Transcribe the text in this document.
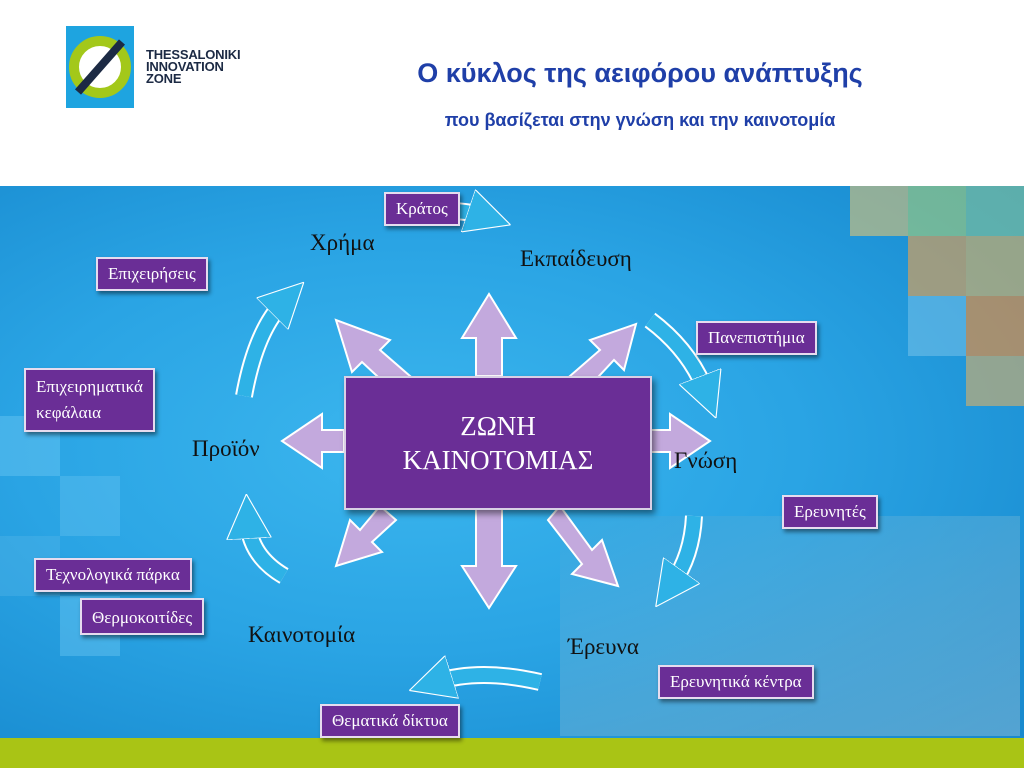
THESSALONIKI
INNOVATION
ZONE	Ο κύκλος της αειφόρου ανάπτυξης
που βασίζεται στην γνώση και την καινοτομία
Χρήμα
Εκπαίδευση
Γνώση
Έρευνα
Καινοτομία
Προϊόν
ΖΩΝΗ
ΚΑΙΝΟΤΟΜΙΑΣ
Κράτος
Επιχειρήσεις
Επιχειρηματικά
κεφάλαια
Πανεπιστήμια
Ερευνητές
Θερμοκοιτίδες
Τεχνολογικά πάρκα
Ερευνητικά κέντρα
Θεματικά δίκτυα
